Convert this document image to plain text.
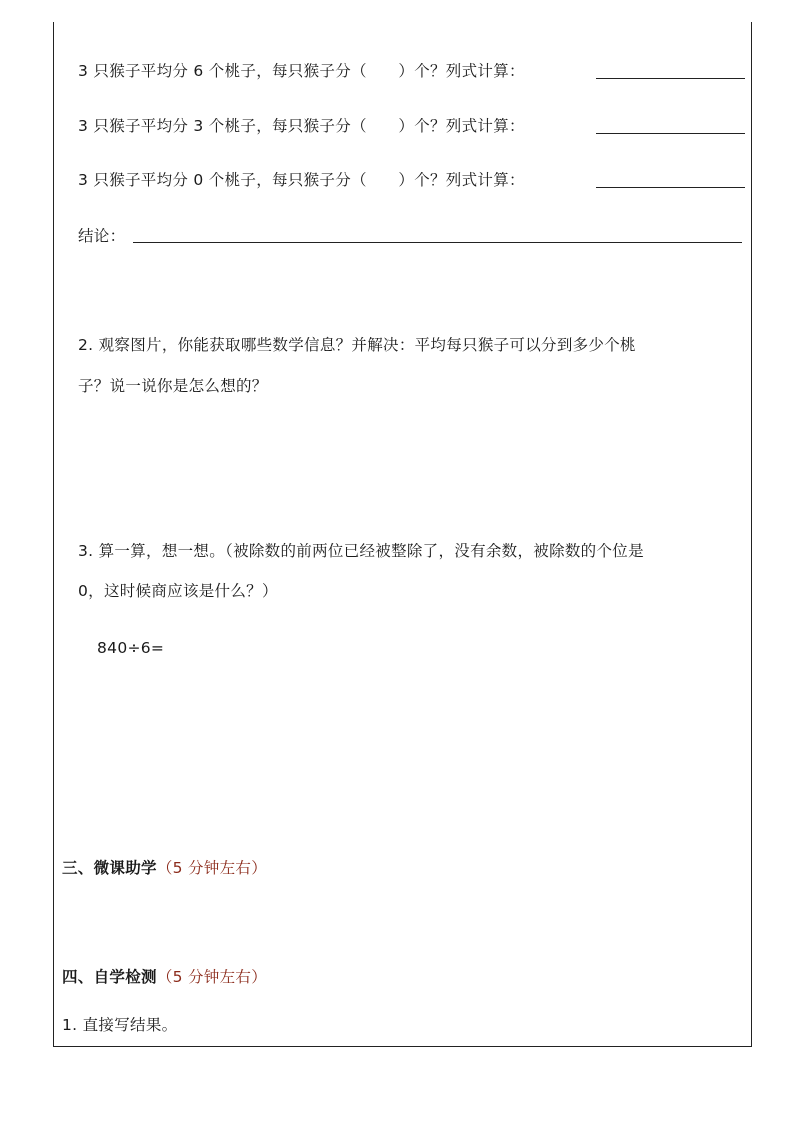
3 只猴子平均分 6 个桃子，每只猴子分（　　）个？列式计算：
3 只猴子平均分 3 个桃子，每只猴子分（　　）个？列式计算：
3 只猴子平均分 0 个桃子，每只猴子分（　　）个？列式计算：
结论：
2. 观察图片，你能获取哪些数学信息？并解决：平均每只猴子可以分到多少个桃
子？说一说你是怎么想的？
3. 算一算，想一想。（被除数的前两位已经被整除了，没有余数，被除数的个位是
0，这时候商应该是什么？）
840÷6=
三、微课助学（5 分钟左右）
四、自学检测（5 分钟左右）
1. 直接写结果。
